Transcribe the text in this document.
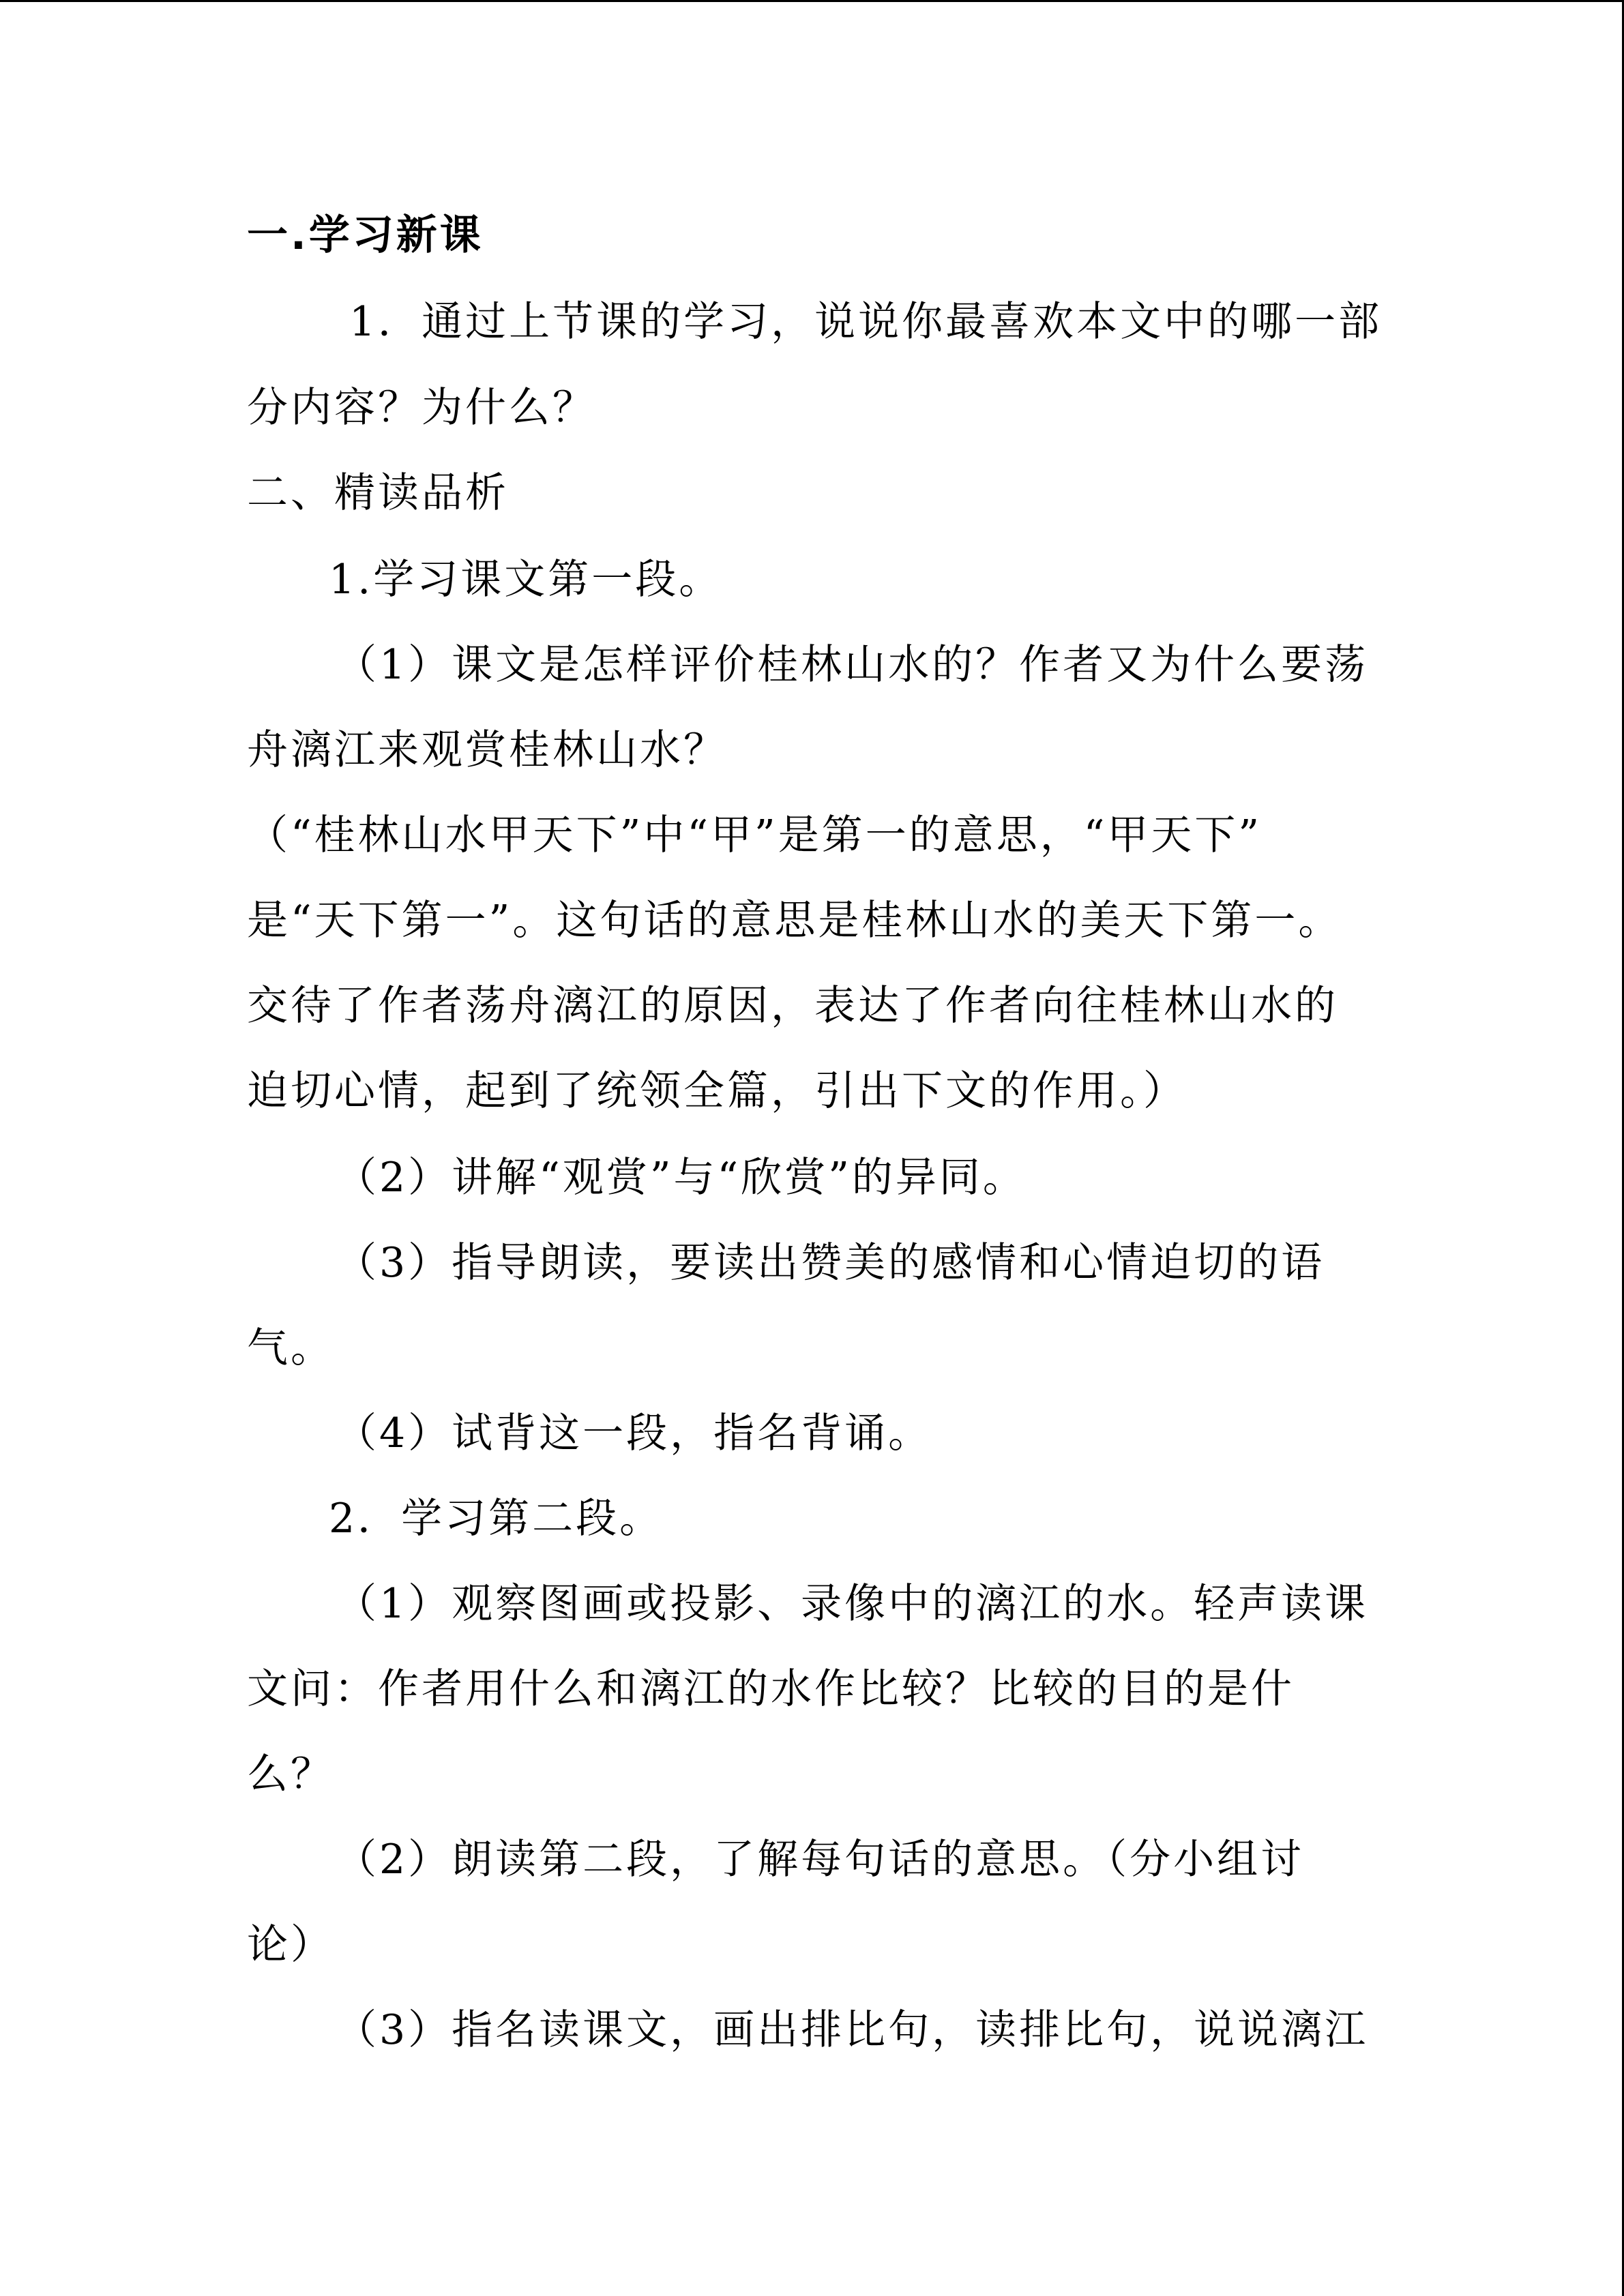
一.学习新课
1．通过上节课的学习，说说你最喜欢本文中的哪一部
分内容？为什么？
二、精读品析
1.学习课文第一段。
（1）课文是怎样评价桂林山水的？作者又为什么要荡
舟漓江来观赏桂林山水？
（“桂林山水甲天下”中“甲”是第一的意思，“甲天下”
是“天下第一”。这句话的意思是桂林山水的美天下第一。
交待了作者荡舟漓江的原因，表达了作者向往桂林山水的
迫切心情，起到了统领全篇，引出下文的作用。）
（2）讲解“观赏”与“欣赏”的异同。
（3）指导朗读，要读出赞美的感情和心情迫切的语
气。
（4）试背这一段，指名背诵。
2．学习第二段。
（1）观察图画或投影、录像中的漓江的水。轻声读课
文问：作者用什么和漓江的水作比较？比较的目的是什
么？
（2）朗读第二段，了解每句话的意思。（分小组讨
论）
（3）指名读课文，画出排比句，读排比句，说说漓江
